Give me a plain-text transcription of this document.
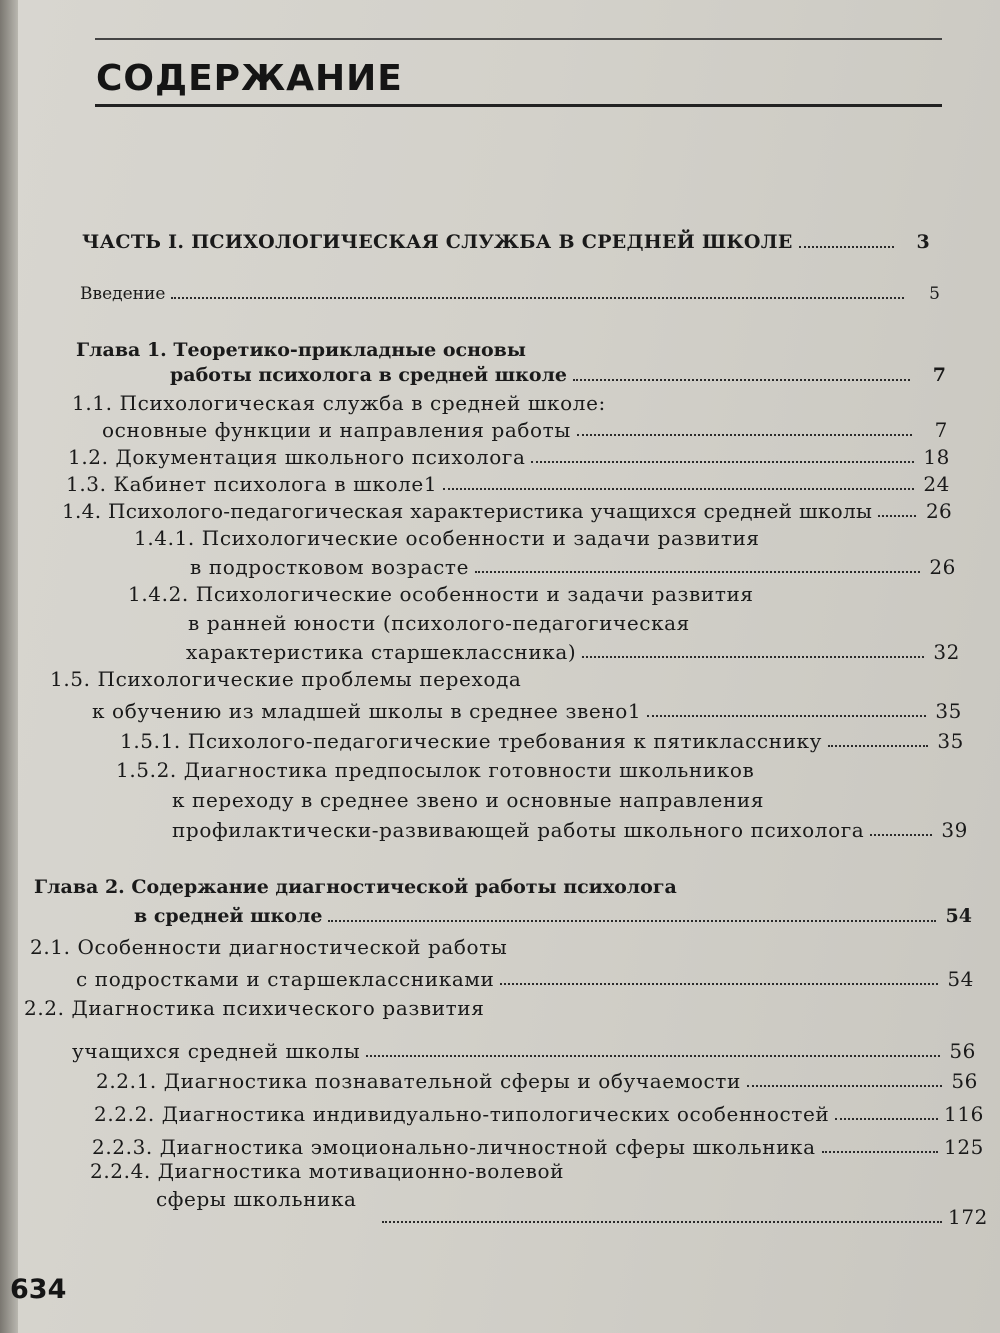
СОДЕРЖАНИЕ
ЧАСТЬ I. ПСИХОЛОГИЧЕСКАЯ СЛУЖБА В СРЕДНЕЙ ШКОЛЕ	3
Введение	5
Глава 1. Теоретико-прикладные основы
работы психолога в средней школе	7
1.1. Психологическая служба в средней школе:
основные функции и направления работы	7
1.2. Документация школьного психолога	18
1.3. Кабинет психолога в школе1	24
1.4. Психолого-педагогическая характеристика учащихся средней школы	26
1.4.1. Психологические особенности и задачи развития
в подростковом возрасте	26
1.4.2. Психологические особенности и задачи развития
в ранней юности (психолого-педагогическая
характеристика старшеклассника)	32
1.5. Психологические проблемы перехода
к обучению из младшей школы в среднее звено1	35
1.5.1. Психолого-педагогические требования к пятикласснику	35
1.5.2. Диагностика предпосылок готовности школьников
к переходу в среднее звено и основные направления
профилактически-развивающей работы школьного психолога	39
Глава 2. Содержание диагностической работы психолога
в средней школе	54
2.1. Особенности диагностической работы
с подростками и старшеклассниками	54
2.2. Диагностика психического развития
учащихся средней школы	56
2.2.1. Диагностика познавательной сферы и обучаемости	56
2.2.2. Диагностика индивидуально-типологических особенностей	116
2.2.3. Диагностика эмоционально-личностной сферы школьника	125
2.2.4. Диагностика мотивационно-волевой
сферы школьника
172
634
